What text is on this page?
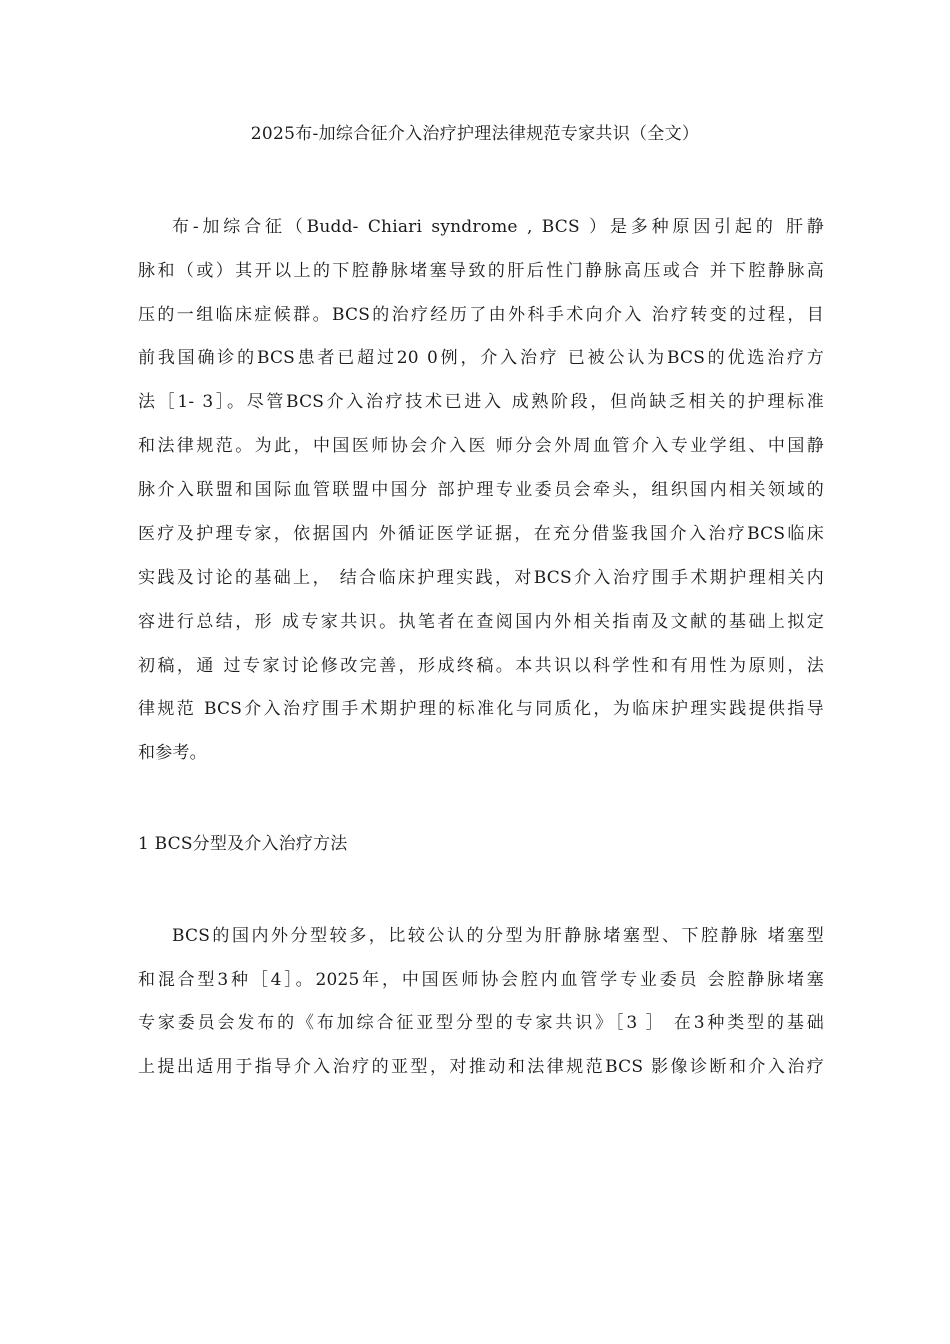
2025布-加综合征介入治疗护理法律规范专家共识（全文）
布-加综合征（Budd- Chiari syndrome , BCS ）是多种原因引起的 肝静
脉和（或）其开以上的下腔静脉堵塞导致的肝后性门静脉高压或合 并下腔静脉高
压的一组临床症候群。BCS的治疗经历了由外科手术向介入 治疗转变的过程，目
前我国确诊的BCS患者已超过20 0例，介入治疗 已被公认为BCS的优选治疗方
法［1- 3］。尽管BCS介入治疗技术已进入 成熟阶段，但尚缺乏相关的护理标准
和法律规范。为此，中国医师协会介入医 师分会外周血管介入专业学组、中国静
脉介入联盟和国际血管联盟中国分 部护理专业委员会牵头，组织国内相关领域的
医疗及护理专家，依据国内 外循证医学证据，在充分借鉴我国介入治疗BCS临床
实践及讨论的基础上， 结合临床护理实践，对BCS介入治疗围手术期护理相关内
容进行总结，形 成专家共识。执笔者在查阅国内外相关指南及文献的基础上拟定
初稿，通 过专家讨论修改完善，形成终稿。本共识以科学性和有用性为原则，法
律规范 BCS介入治疗围手术期护理的标准化与同质化，为临床护理实践提供指导
和参考。
1 BCS分型及介入治疗方法
BCS的国内外分型较多，比较公认的分型为肝静脉堵塞型、下腔静脉 堵塞型
和混合型3种［4］。2025年，中国医师协会腔内血管学专业委员 会腔静脉堵塞
专家委员会发布的《布加综合征亚型分型的专家共识》［3 ］ 在3种类型的基础
上提出适用于指导介入治疗的亚型，对推动和法律规范BCS 影像诊断和介入治疗
